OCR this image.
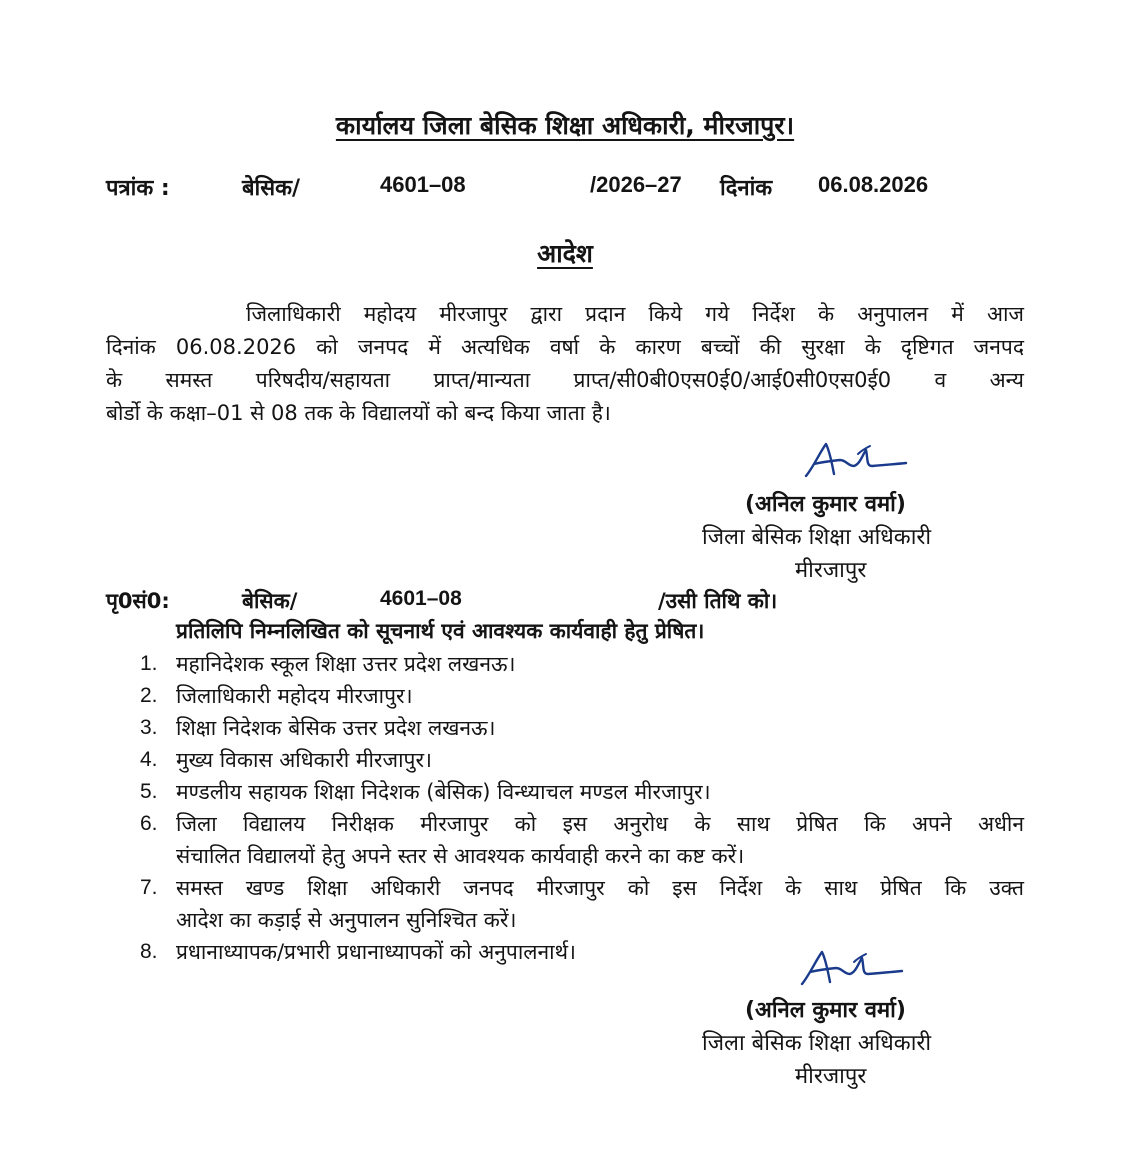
कार्यालय जिला बेसिक शिक्षा अधिकारी, मीरजापुर।
पत्रांक :	बेसिक/	4601–08	/2026–27 दिनांक 06.08.2026
आदेश
जिलाधिकारी महोदय मीरजापुर द्वारा प्रदान किये गये निर्देश के अनुपालन में आज
दिनांक 06.08.2026 को जनपद में अत्यधिक वर्षा के कारण बच्चों की सुरक्षा के दृष्टिगत जनपद
के समस्त परिषदीय/सहायता प्राप्त/मान्यता प्राप्त/सी0बी0एस0ई0/आई0सी0एस0ई0 व अन्य
बोर्डो के कक्षा–01 से 08 तक के विद्यालयों को बन्द किया जाता है।
(अनिल कुमार वर्मा)
जिला बेसिक शिक्षा अधिकारी
मीरजापुर
पृ0सं0:	बेसिक/	4601–08	/उसी तिथि को।
प्रतिलिपि निम्नलिखित को सूचनार्थ एवं आवश्यक कार्यवाही हेतु प्रेषित।
1. महानिदेशक स्कूल शिक्षा उत्तर प्रदेश लखनऊ।
2. जिलाधिकारी महोदय मीरजापुर।
3. शिक्षा निदेशक बेसिक उत्तर प्रदेश लखनऊ।
4. मुख्य विकास अधिकारी मीरजापुर।
5. मण्डलीय सहायक शिक्षा निदेशक (बेसिक) विन्ध्याचल मण्डल मीरजापुर।
6. जिला विद्यालय निरीक्षक मीरजापुर को इस अनुरोध के साथ प्रेषित कि अपने अधीन
संचालित विद्यालयों हेतु अपने स्तर से आवश्यक कार्यवाही करने का कष्ट करें।
7. समस्त खण्ड शिक्षा अधिकारी जनपद मीरजापुर को इस निर्देश के साथ प्रेषित कि उक्त
आदेश का कड़ाई से अनुपालन सुनिश्चित करें।
8. प्रधानाध्यापक/प्रभारी प्रधानाध्यापकों को अनुपालनार्थ।
(अनिल कुमार वर्मा)
जिला बेसिक शिक्षा अधिकारी
मीरजापुर
